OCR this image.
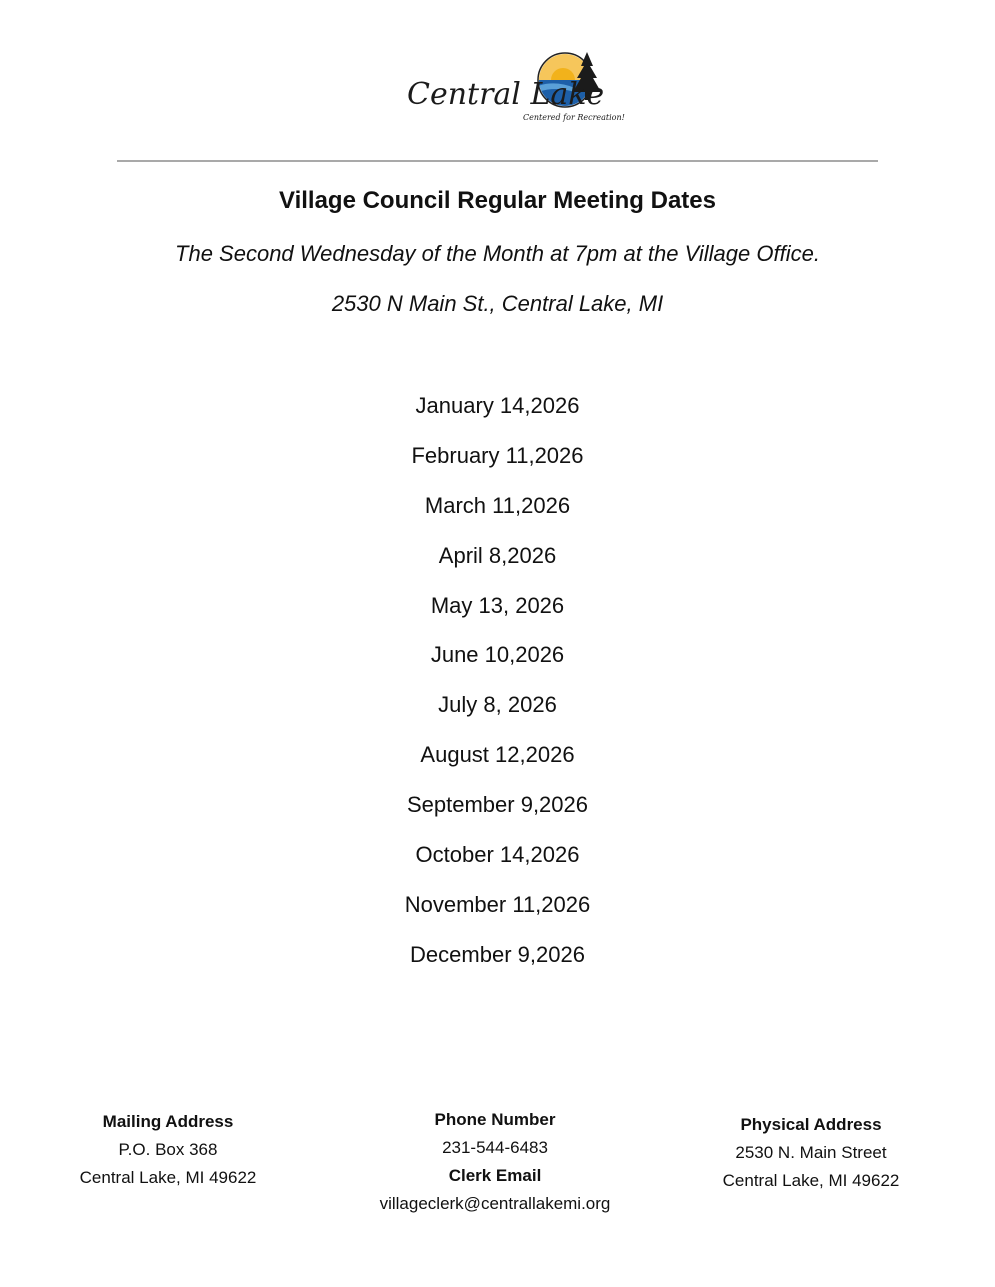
Central Lake
Centered for Recreation!
Village Council Regular Meeting Dates
The Second Wednesday of the Month at 7pm at the Village Office.
2530 N Main St., Central Lake, MI
January 14,2026
February 11,2026
March 11,2026
April 8,2026
May 13, 2026
June 10,2026
July 8, 2026
August 12,2026
September 9,2026
October 14,2026
November 11,2026
December 9,2026
Mailing Address
P.O. Box 368
Central Lake, MI 49622
Phone Number
231-544-6483
Clerk Email
villageclerk@centrallakemi.org
Physical Address
2530 N. Main Street
Central Lake, MI 49622
